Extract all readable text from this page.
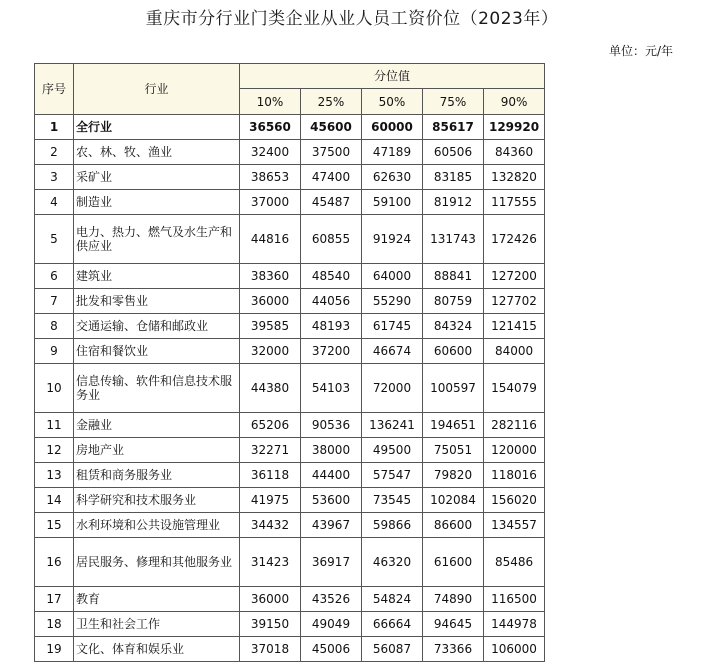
重庆市分行业门类企业从业人员工资价位（2023年）
单位：元/年
序号	行业	分位值				
		10%	25%	50%	75%	90%
1	全行业	36560	45600	60000	85617	129920
2	农、林、牧、渔业	32400	37500	47189	60506	84360
3	采矿业	38653	47400	62630	83185	132820
4	制造业	37000	45487	59100	81912	117555
5	电力、热力、燃气及水生产和供应业	44816	60855	91924	131743	172426
6	建筑业	38360	48540	64000	88841	127200
7	批发和零售业	36000	44056	55290	80759	127702
8	交通运输、仓储和邮政业	39585	48193	61745	84324	121415
9	住宿和餐饮业	32000	37200	46674	60600	84000
10	信息传输、软件和信息技术服务业	44380	54103	72000	100597	154079
11	金融业	65206	90536	136241	194651	282116
12	房地产业	32271	38000	49500	75051	120000
13	租赁和商务服务业	36118	44400	57547	79820	118016
14	科学研究和技术服务业	41975	53600	73545	102084	156020
15	水利环境和公共设施管理业	34432	43967	59866	86600	134557
16	居民服务、修理和其他服务业	31423	36917	46320	61600	85486
17	教育	36000	43526	54824	74890	116500
18	卫生和社会工作	39150	49049	66664	94645	144978
19	文化、体育和娱乐业	37018	45006	56087	73366	106000
